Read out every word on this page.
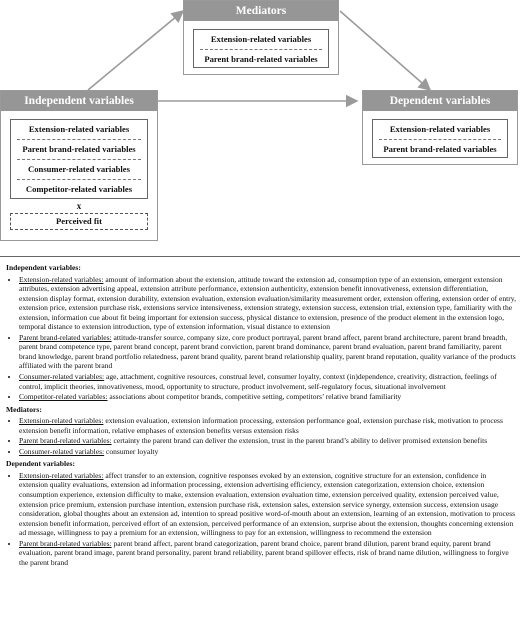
Mediators
Extension-related variables
Parent brand-related variables
Independent variables
Extension-related variables
Parent brand-related variables
Consumer-related variables
Competitor-related variables
x
Perceived fit
Dependent variables
Extension-related variables
Parent brand-related variables
Independent variables:
• Extension-related variables: amount of information about the extension, attitude toward the extension ad, consumption type of an extension, emergent extension attributes, extension advertising appeal, extension attribute performance, extension authenticity, extension benefit innovativeness, extension differentiation, extension display format, extension durability, extension evaluation, extension evaluation/similarity measurement order, extension offering, extension order of entry, extension price, extension purchase risk, extensions service intensiveness, extension strategy, extension success, extension trial, extension type, familiarity with the extension, information cue about fit being important for extension success, physical distance to extension, presence of the product element in the extension logo, temporal distance to extension introduction, type of extension information, visual distance to extension
• Parent brand-related variables: attitude-transfer source, company size, core product portrayal, parent brand affect, parent brand architecture, parent brand breadth, parent brand competence type, parent brand concept, parent brand conviction, parent brand dominance, parent brand evaluation, parent brand familiarity, parent brand knowledge, parent brand portfolio relatedness, parent brand quality, parent brand relationship quality, parent brand reputation, quality variance of the products affiliated with the parent brand
• Consumer-related variables: age, attachment, cognitive resources, construal level, consumer loyalty, context (in)dependence, creativity, distraction, feelings of control, implicit theories, innovativeness, mood, opportunity to structure, product involvement, self-regulatory focus, situational involvement
• Competitor-related variables: associations about competitor brands, competitive setting, competitors’ relative brand familiarity
Mediators:
• Extension-related variables: extension evaluation, extension information processing, extension performance goal, extension purchase risk, motivation to process extension benefit information, relative emphases of extension benefits versus extension risks
• Parent brand-related variables: certainty the parent brand can deliver the extension, trust in the parent brand’s ability to deliver promised extension benefits
• Consumer-related variables: consumer loyalty
Dependent variables:
• Extension-related variables: affect transfer to an extension, cognitive responses evoked by an extension, cognitive structure for an extension, confidence in extension quality evaluations, extension ad information processing, extension advertising efficiency, extension categorization, extension choice, extension consumption experience, extension difficulty to make, extension evaluation, extension evaluation time, extension perceived quality, extension perceived value, extension price premium, extension purchase intention, extension purchase risk, extension sales, extension service synergy, extension success, extension usage consideration, global thoughts about an extension ad, intention to spread positive word-of-mouth about an extension, learning of an extension, motivation to process extension benefit information, perceived effort of an extension, perceived performance of an extension, surprise about the extension, thoughts concerning extension ad message, willingness to pay a premium for an extension, willingness to pay for an extension, willingness to recommend the extension
• Parent brand-related variables: parent brand affect, parent brand categorization, parent brand choice, parent brand dilution, parent brand equity, parent brand evaluation, parent brand image, parent brand personality, parent brand reliability, parent brand spillover effects, risk of brand name dilution, willingness to forgive the parent brand
